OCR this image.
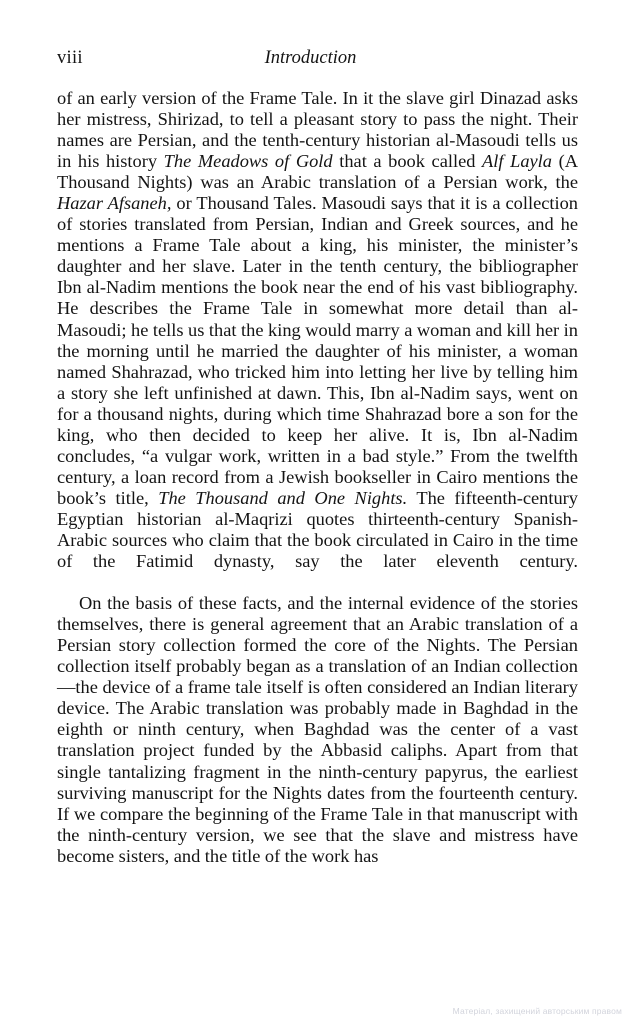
viii	Introduction

of an early version of the Frame Tale. In it the slave girl Dinazad asks her mistress, Shirizad, to tell a pleasant story to pass the night. Their names are Persian, and the tenth-century historian al-Masoudi tells us in his history The Meadows of Gold that a book called Alf Layla (A Thousand Nights) was an Arabic translation of a Persian work, the Hazar Afsaneh, or Thousand Tales. Masoudi says that it is a collection of stories translated from Persian, Indian and Greek sources, and he mentions a Frame Tale about a king, his minister, the minister’s daughter and her slave. Later in the tenth century, the bibliographer Ibn al-Nadim mentions the book near the end of his vast bibliography. He describes the Frame Tale in somewhat more detail than al-Masoudi; he tells us that the king would marry a woman and kill her in the morning until he married the daughter of his minister, a woman named Shahrazad, who tricked him into letting her live by telling him a story she left unfinished at dawn. This, Ibn al-Nadim says, went on for a thousand nights, during which time Shahrazad bore a son for the king, who then decided to keep her alive. It is, Ibn al-Nadim concludes, “a vulgar work, written in a bad style.” From the twelfth century, a loan record from a Jewish bookseller in Cairo mentions the book’s title, The Thousand and One Nights. The fifteenth-century Egyptian historian al-Maqrizi quotes thirteenth-century Spanish-Arabic sources who claim that the book circulated in Cairo in the time of the Fatimid dynasty, say the later eleventh century.

On the basis of these facts, and the internal evidence of the stories themselves, there is general agreement that an Arabic translation of a Persian story collection formed the core of the Nights. The Persian collection itself probably began as a translation of an Indian collection—the device of a frame tale itself is often considered an Indian literary device. The Arabic translation was probably made in Baghdad in the eighth or ninth century, when Baghdad was the center of a vast translation project funded by the Abbasid caliphs. Apart from that single tantalizing fragment in the ninth-century papyrus, the earliest surviving manuscript for the Nights dates from the fourteenth century. If we compare the beginning of the Frame Tale in that manuscript with the ninth-century version, we see that the slave and mistress have become sisters, and the title of the work has

Матеріал, захищений авторським правом
